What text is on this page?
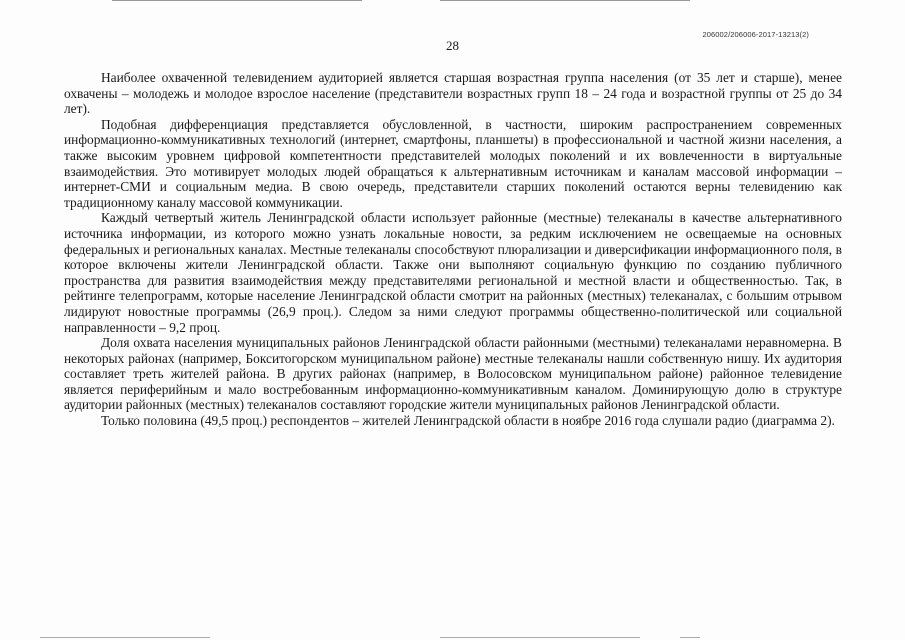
206002/206006-2017-13213(2)
28

Наиболее охваченной телевидением аудиторией является старшая возрастная группа населения (от 35 лет и старше), менее охвачены – молодежь и молодое взрослое население (представители возрастных групп 18 – 24 года и возрастной группы от 25 до 34 лет).

Подобная дифференциация представляется обусловленной, в частности, широким распространением современных информационно-коммуникативных технологий (интернет, смартфоны, планшеты) в профессиональной и частной жизни населения, а также высоким уровнем цифровой компетентности представителей молодых поколений и их вовлеченности в виртуальные взаимодействия. Это мотивирует молодых людей обращаться к альтернативным источникам и каналам массовой информации – интернет-СМИ и социальным медиа. В свою очередь, представители старших поколений остаются верны телевидению как традиционному каналу массовой коммуникации.

Каждый четвертый житель Ленинградской области использует районные (местные) телеканалы в качестве альтернативного источника информации, из которого можно узнать локальные новости, за редким исключением не освещаемые на основных федеральных и региональных каналах. Местные телеканалы способствуют плюрализации и диверсификации информационного поля, в которое включены жители Ленинградской области. Также они выполняют социальную функцию по созданию публичного пространства для развития взаимодействия между представителями региональной и местной власти и общественностью. Так, в рейтинге телепрограмм, которые население Ленинградской области смотрит на районных (местных) телеканалах, с большим отрывом лидируют новостные программы (26,9 проц.). Следом за ними следуют программы общественно-политической или социальной направленности – 9,2 проц.

Доля охвата населения муниципальных районов Ленинградской области районными (местными) телеканалами неравномерна. В некоторых районах (например, Бокситогорском муниципальном районе) местные телеканалы нашли собственную нишу. Их аудитория составляет треть жителей района. В других районах (например, в Волосовском муниципальном районе) районное телевидение является периферийным и мало востребованным информационно-коммуникативным каналом. Доминирующую долю в структуре аудитории районных (местных) телеканалов составляют городские жители муниципальных районов Ленинградской области.

Только половина (49,5 проц.) респондентов – жителей Ленинградской области в ноябре 2016 года слушали радио (диаграмма 2).
